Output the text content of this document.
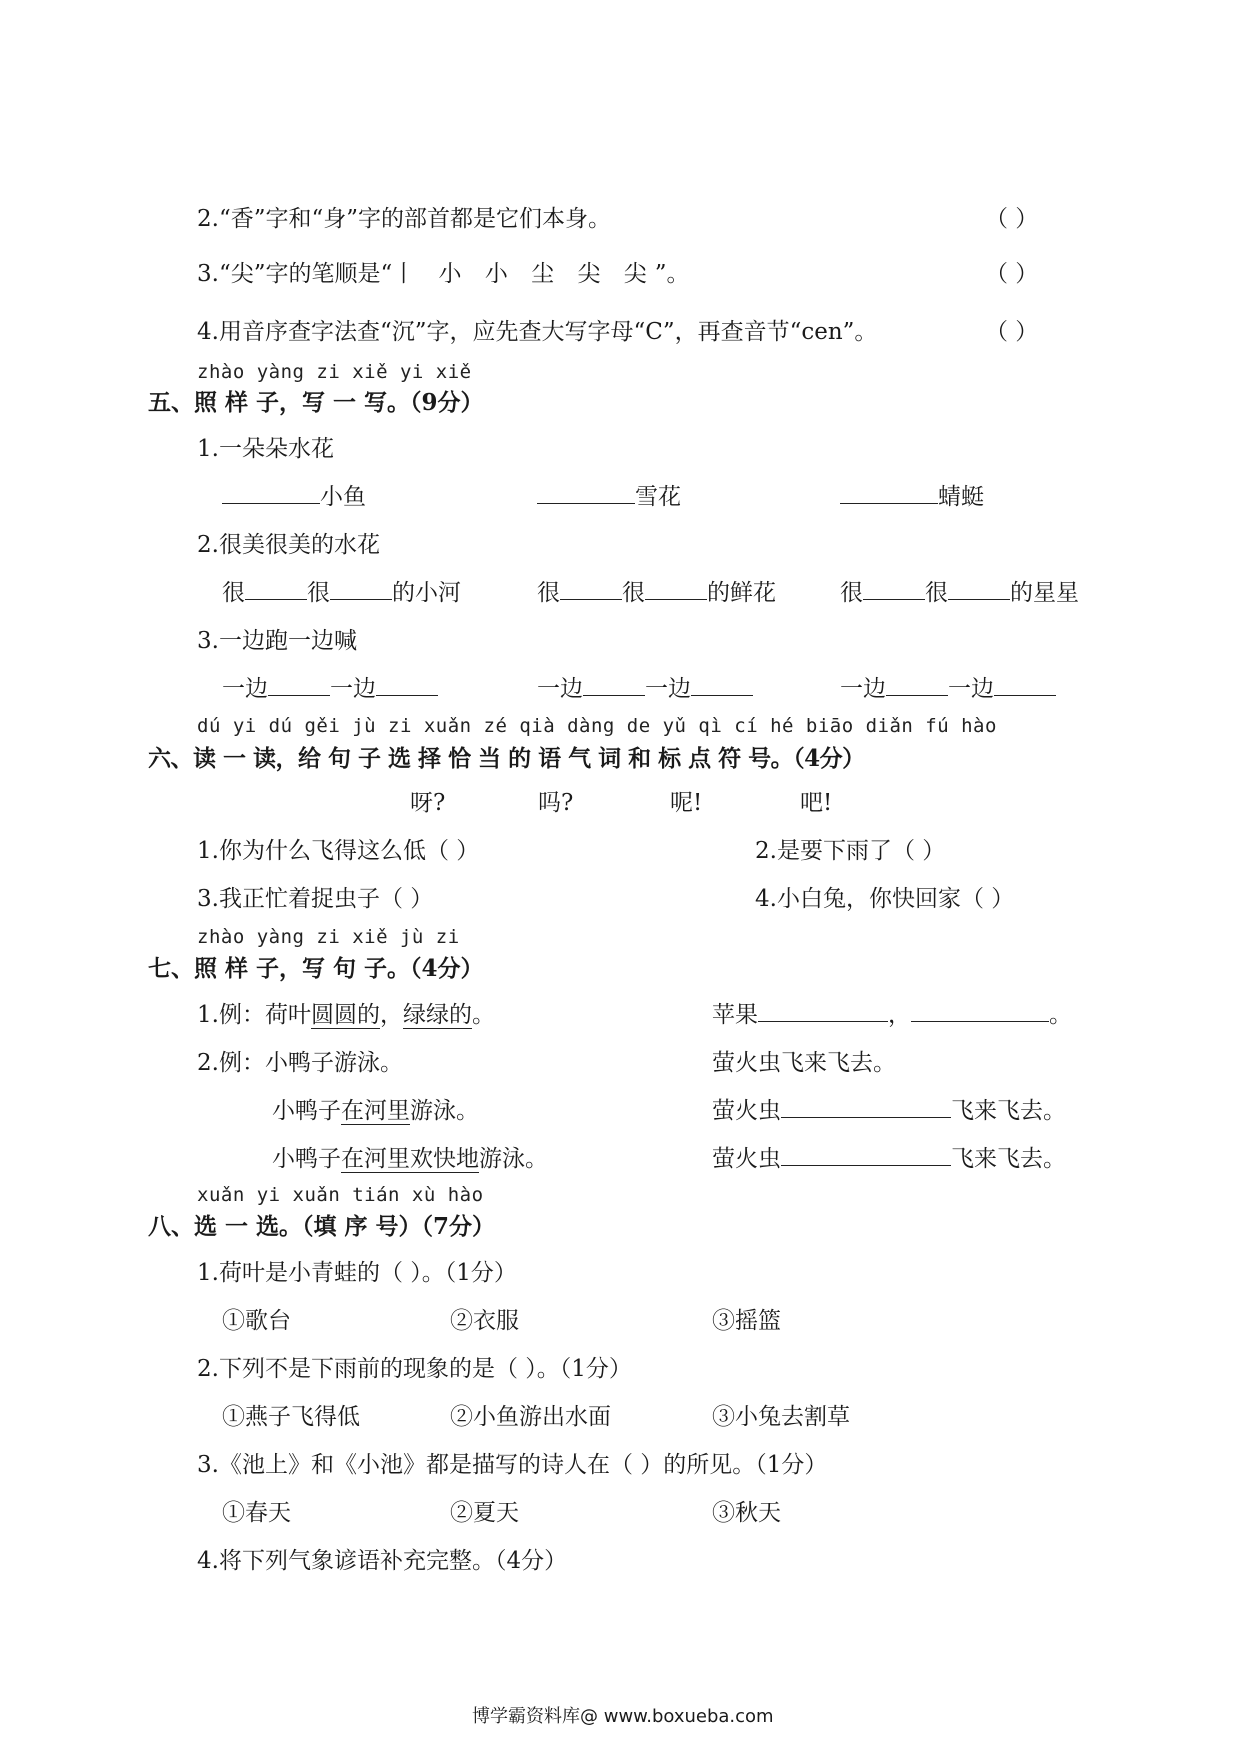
2.“香”字和“身”字的部首都是它们本身。	（ ）
3.“尖”字的笔顺是“丨 小 小 尘 尖 尖”。	（ ）
4.用音序查字法查“沉”字，应先查大写字母“C”，再查音节“cen”。	（ ）
zhào yàng zi xiě yi xiě
五、照 样 子，写 一 写。（9分）
1.一朵朵水花
小鱼	雪花	蜻蜓
2.很美很美的水花
很	很	的小河	很	很	的鲜花	很	很	的星星
3.一边跑一边喊
一边	一边	一边	一边	一边	一边
dú yi dú gěi jù zi xuǎn zé qià dàng de yǔ qì cí hé biāo diǎn fú hào
六、读 一 读，给 句 子 选 择 恰 当 的 语 气 词 和 标 点 符 号。（4分）
呀?	吗?	呢!	吧!
1.你为什么飞得这么低（ ）	2.是要下雨了（ ）
3.我正忙着捉虫子（ ）	4.小白兔，你快回家（ ）
zhào yàng zi xiě jù zi
七、照 样 子，写 句 子。（4分）
1.例：荷叶圆圆的，绿绿的。	苹果	，	。
2.例：小鸭子游泳。	萤火虫飞来飞去。
小鸭子在河里游泳。	萤火虫	飞来飞去。
小鸭子在河里欢快地游泳。	萤火虫	飞来飞去。
xuǎn yi xuǎn tián xù hào
八、选 一 选。（填 序 号）（7分）
1.荷叶是小青蛙的（ ）。（1分）
①歌台	②衣服	③摇篮
2.下列不是下雨前的现象的是（ ）。（1分）
①燕子飞得低	②小鱼游出水面	③小兔去割草
3.《池上》和《小池》都是描写的诗人在（ ）的所见。（1分）
①春天	②夏天	③秋天
4.将下列气象谚语补充完整。（4分）
博学霸资料库@ www.boxueba.com
